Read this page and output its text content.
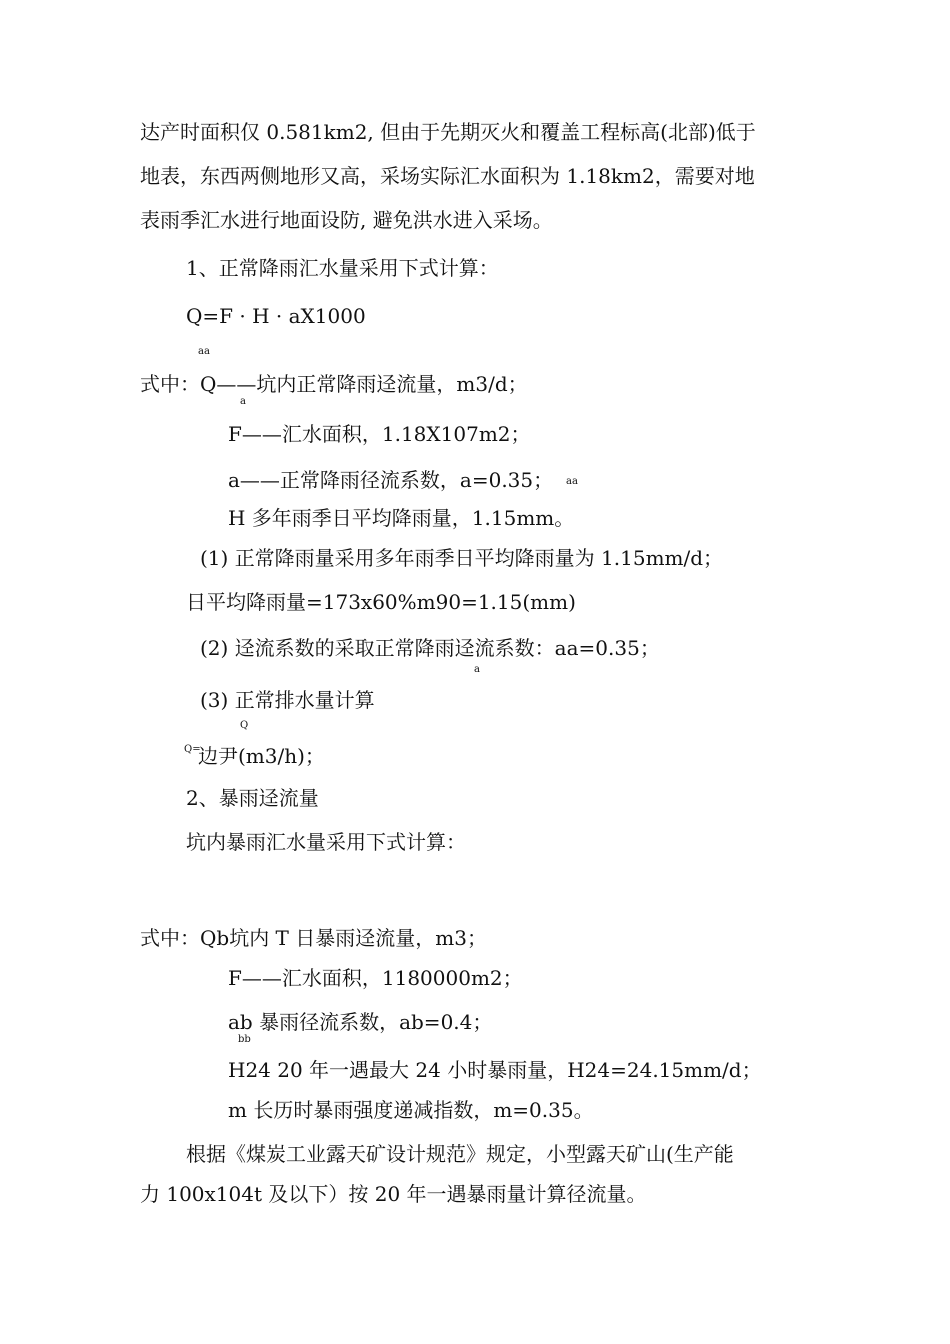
达产时面积仅 0.581km2, 但由于先期灭火和覆盖工程标高(北部)低于
地表，东西两侧地形又高，采场实际汇水面积为 1.18km2，需要对地
表雨季汇水进行地面设防, 避免洪水进入采场。
1、正常降雨汇水量采用下式计算：
Q=F · H · aX1000
aa
式中：Q——坑内正常降雨迳流量，m3/d；
a
F——汇水面积，1.18X107m2；
a——正常降雨径流系数，a=0.35； aa
H 多年雨季日平均降雨量，1.15mm。
(1) 正常降雨量采用多年雨季日平均降雨量为 1.15mm/d；
日平均降雨量=173x60%m90=1.15(mm)
(2) 迳流系数的采取正常降雨迳流系数：aa=0.35；
a
(3) 正常排水量计算
Q
Q=
边尹(m3/h)；
2、暴雨迳流量
坑内暴雨汇水量采用下式计算：
式中：Qb坑内 T 日暴雨迳流量，m3；
F——汇水面积，1180000m2；
ab 暴雨径流系数，ab=0.4；
bb
H24 20 年一遇最大 24 小时暴雨量，H24=24.15mm/d；
m 长历时暴雨强度递减指数，m=0.35。
根据《煤炭工业露天矿设计规范》规定，小型露天矿山(生产能
力 100x104t 及以下）按 20 年一遇暴雨量计算径流量。
